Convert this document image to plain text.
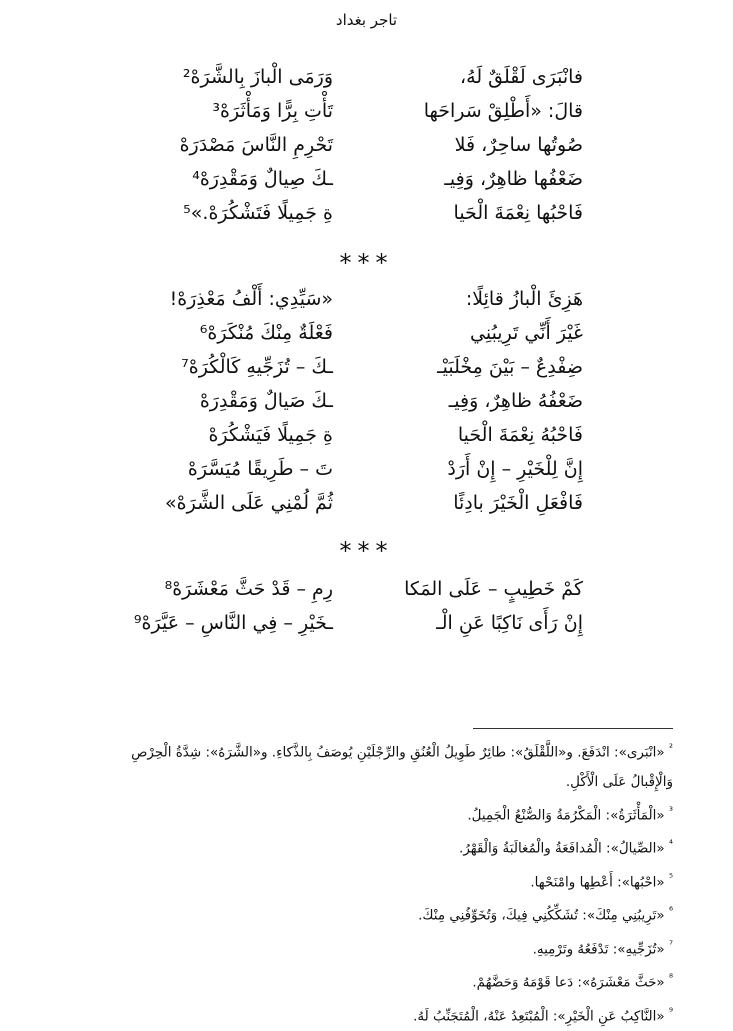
تاجر بغداد
فانْبَرَى لَقْلَقٌ لَهُ،
وَرَمَى الْبازَ بِالشَّرَهْ²
قالَ: «أَطْلِقْ سَراحَها
تَأْتِ بِرًّا وَمَأْثَرَهْ³
صُوتُها ساحِرٌ، فَلا
تَحْرِمِ النَّاسَ مَصْدَرَهْ
ضَعْفُها ظاهِرٌ، وَفِيـ
ـكَ صِيالٌ وَمَقْدِرَهْ⁴
فَاحْبُها نِعْمَةَ الْحَيا
ةِ جَمِيلًا فَتَشْكُرَهْ.»⁵
***
هَزِئَ الْبازُ قائِلًا:
«سَيِّدِي: أَلْفُ مَعْذِرَهْ!
غَيْرَ أَنِّي تَرِيبُنِي
فَعْلَةٌ مِنْكَ مُنْكَرَهْ⁶
ضِفْدِعٌ – بَيْنَ مِخْلَبَيْـ
ـكَ – تُزَجِّيهِ كَالْكُرَهْ⁷
ضَعْفُهُ ظاهِرٌ، وَفِيـ
ـكَ صَيالٌ وَمَقْدِرَهْ
فَاحْبُهُ نِعْمَةَ الْحَيا
ةِ جَمِيلًا فَيَشْكُرَهْ
إِنَّ لِلْخَيْرِ – إِنْ أَرَدْ
تَ – طَرِيقًا مُيَسَّرَهْ
فَافْعَلِ الْخَيْرَ بادِئًا
ثُمَّ لُمْنِي عَلَى الشَّرَهْ»
***
كَمْ خَطِيبٍ – عَلَى المَكا
رِمِ – قَدْ حَثَّ مَعْشَرَهْ⁸
إِنْ رَأَى نَاكِبًا عَنِ الْـ
ـخَيْرِ – فِي النَّاسِ – عَيَّرَهْ⁹
$^{^2}$ «انْبَرى»: انْدَفَعَ. و«اللَّقْلَقُ»: طائِرٌ طَوِيلُ الْعُنُقِ والرِّجْلَيْنِ يُوصَفُ بِالذَّكاءِ. و«الشَّرَهُ»: شِدَّةُ الْحِرْصِ
وَالْإِقْبالُ عَلَى الْأَكْلِ.
$^{^3}$ «الْمَأْثَرَةُ»: الْمَكْرُمَةُ وَالصُّنْعُ الْجَمِيلُ.
$^{^4}$ «الصِّيالُ»: الْمُدافَعَةُ والْمُغالَبَةُ وَالْقَهْرُ.
$^{^5}$ «احْبُها»: أَعْطِها وامْنَحْها.
$^{^6}$ «تَرِيبُنِي مِنْكَ»: تُشَكِّكُنِي فِيكَ، وَتُخَوِّفُنِي مِنْكَ.
$^{^7}$ «تُزَجِّيهِ»: تَدْفَعُهُ وتَرْمِيهِ.
$^{^8}$ «حَثَّ مَعْشَرَهُ»: دَعا قَوْمَهُ وَحَضَّهُمْ.
$^{^9}$ «النَّاكِبُ عَنِ الْخَيْرِ»: الْمُبْتَعِدُ عَنْهُ، الْمُتَجَنِّبُ لَهُ.
